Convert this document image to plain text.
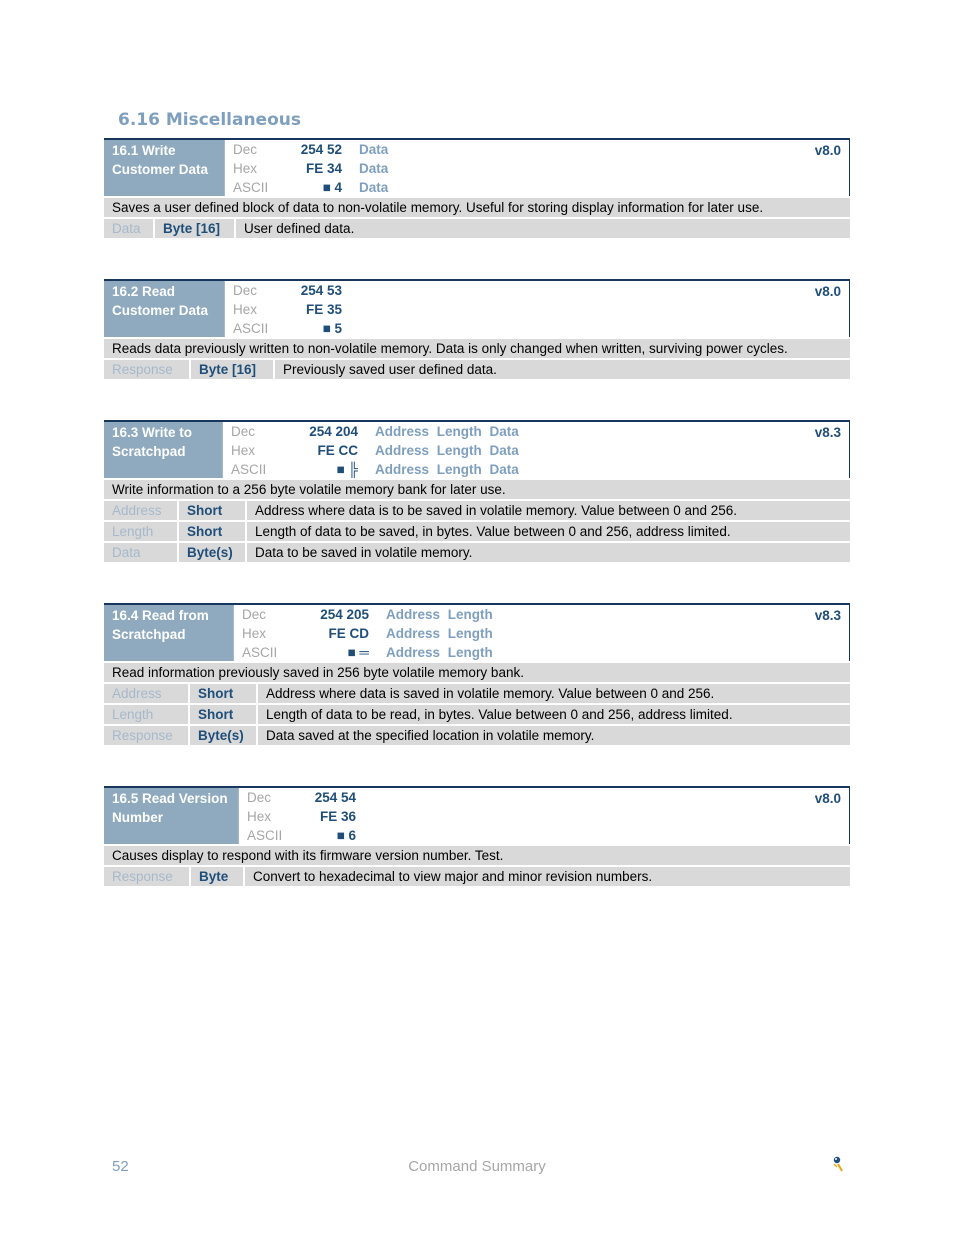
6.16 Miscellaneous
16.1 Write Customer Data
Dec	254 52	Data
Hex	FE 34	Data
ASCII	■ 4	Data
v8.0
Saves a user defined block of data to non-volatile memory. Useful for storing display information for later use.
Data	Byte [16]	User defined data.
16.2 Read Customer Data
Dec	254 53
Hex	FE 35
ASCII	■ 5
v8.0
Reads data previously written to non-volatile memory. Data is only changed when written, surviving power cycles.
Response	Byte [16]	Previously saved user defined data.
16.3 Write to Scratchpad
Dec	254 204	Address Length Data
Hex	FE CC	Address Length Data
ASCII	■ ╠	Address Length Data
v8.3
Write information to a 256 byte volatile memory bank for later use.
Address	Short	Address where data is to be saved in volatile memory. Value between 0 and 256.
Length	Short	Length of data to be saved, in bytes. Value between 0 and 256, address limited.
Data	Byte(s)	Data to be saved in volatile memory.
16.4 Read from Scratchpad
Dec	254 205	Address Length
Hex	FE CD	Address Length
ASCII	■ ═	Address Length
v8.3
Read information previously saved in 256 byte volatile memory bank.
Address	Short	Address where data is saved in volatile memory. Value between 0 and 256.
Length	Short	Length of data to be read, in bytes. Value between 0 and 256, address limited.
Response	Byte(s)	Data saved at the specified location in volatile memory.
16.5 Read Version Number
Dec	254 54
Hex	FE 36
ASCII	■ 6
v8.0
Causes display to respond with its firmware version number. Test.
Response	Byte	Convert to hexadecimal to view major and minor revision numbers.
52	Command Summary
